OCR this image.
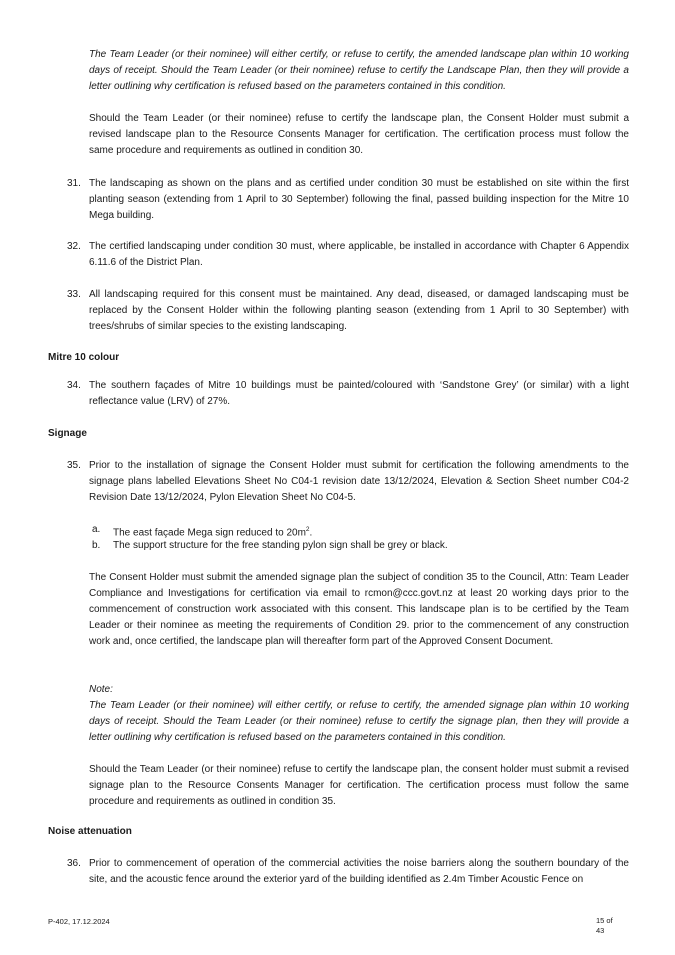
The Team Leader (or their nominee) will either certify, or refuse to certify, the amended landscape plan within 10 working days of receipt. Should the Team Leader (or their nominee) refuse to certify the Landscape Plan, then they will provide a letter outlining why certification is refused based on the parameters contained in this condition.

Should the Team Leader (or their nominee) refuse to certify the landscape plan, the Consent Holder must submit a revised landscape plan to the Resource Consents Manager for certification. The certification process must follow the same procedure and requirements as outlined in condition 30.

31. The landscaping as shown on the plans and as certified under condition 30 must be established on site within the first planting season (extending from 1 April to 30 September) following the final, passed building inspection for the Mitre 10 Mega building.

32. The certified landscaping under condition 30 must, where applicable, be installed in accordance with Chapter 6 Appendix 6.11.6 of the District Plan.

33. All landscaping required for this consent must be maintained. Any dead, diseased, or damaged landscaping must be replaced by the Consent Holder within the following planting season (extending from 1 April to 30 September) with trees/shrubs of similar species to the existing landscaping.

Mitre 10 colour
34. The southern façades of Mitre 10 buildings must be painted/coloured with ‘Sandstone Grey’ (or similar) with a light reflectance value (LRV) of 27%.

Signage
35. Prior to the installation of signage the Consent Holder must submit for certification the following amendments to the signage plans labelled Elevations Sheet No C04-1 revision date 13/12/2024, Elevation & Section Sheet number C04-2 Revision Date 13/12/2024, Pylon Elevation Sheet No C04-5.

a. The east façade Mega sign reduced to $20m^2$.
b. The support structure for the free standing pylon sign shall be grey or black.

The Consent Holder must submit the amended signage plan the subject of condition 35 to the Council, Attn: Team Leader Compliance and Investigations for certification via email to rcmon@ccc.govt.nz at least 20 working days prior to the commencement of construction work associated with this consent. This landscape plan is to be certified by the Team Leader or their nominee as meeting the requirements of Condition 29. prior to the commencement of any construction work and, once certified, the landscape plan will thereafter form part of the Approved Consent Document.

Note:

The Team Leader (or their nominee) will either certify, or refuse to certify, the amended signage plan within 10 working days of receipt. Should the Team Leader (or their nominee) refuse to certify the signage plan, then they will provide a letter outlining why certification is refused based on the parameters contained in this condition.

Should the Team Leader (or their nominee) refuse to certify the landscape plan, the consent holder must submit a revised signage plan to the Resource Consents Manager for certification. The certification process must follow the same procedure and requirements as outlined in condition 35.

Noise attenuation
36. Prior to commencement of operation of the commercial activities the noise barriers along the southern boundary of the site, and the acoustic fence around the exterior yard of the building identified as 2.4m Timber Acoustic Fence on

P-402, 17.12.2024	15 of
43
